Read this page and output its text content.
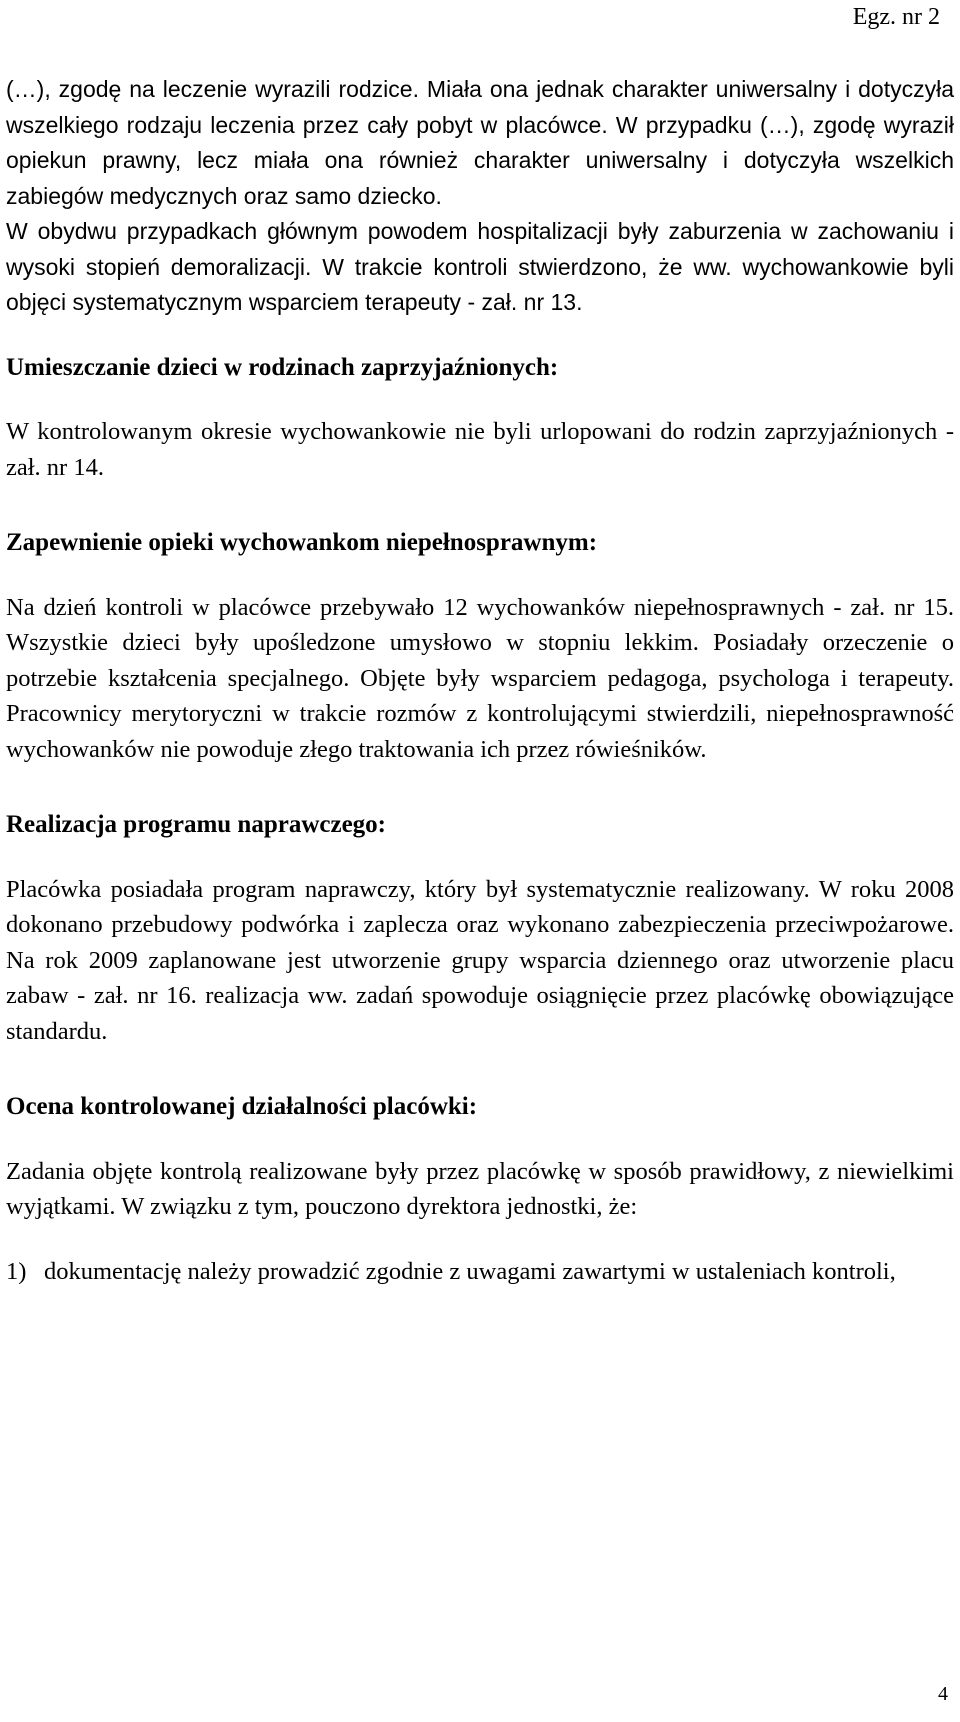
Egz. nr 2

(…), zgodę na leczenie wyrazili rodzice. Miała ona jednak charakter uniwersalny i dotyczyła wszelkiego rodzaju leczenia przez cały pobyt w placówce. W przypadku (…), zgodę wyraził opiekun prawny, lecz miała ona również charakter uniwersalny i dotyczyła wszelkich zabiegów medycznych oraz samo dziecko.

W obydwu przypadkach głównym powodem hospitalizacji były zaburzenia w zachowaniu i wysoki stopień demoralizacji. W trakcie kontroli stwierdzono, że ww. wychowankowie byli objęci systematycznym wsparciem terapeuty - zał. nr 13.

Umieszczanie dzieci w rodzinach zaprzyjaźnionych:

W kontrolowanym okresie wychowankowie nie byli urlopowani do rodzin zaprzyjaźnionych - zał. nr 14.

Zapewnienie opieki wychowankom niepełnosprawnym:

Na dzień kontroli w placówce przebywało 12 wychowanków niepełnosprawnych - zał. nr 15. Wszystkie dzieci były upośledzone umysłowo w stopniu lekkim. Posiadały orzeczenie o potrzebie kształcenia specjalnego. Objęte były wsparciem pedagoga, psychologa i terapeuty. Pracownicy merytoryczni w trakcie rozmów z kontrolującymi stwierdzili, niepełnosprawność wychowanków nie powoduje złego traktowania ich przez rówieśników.

Realizacja programu naprawczego:

Placówka posiadała program naprawczy, który był systematycznie realizowany. W roku 2008 dokonano przebudowy podwórka i zaplecza oraz wykonano zabezpieczenia przeciwpożarowe. Na rok 2009 zaplanowane jest utworzenie grupy wsparcia dziennego oraz utworzenie placu zabaw - zał. nr 16. realizacja ww. zadań spowoduje osiągnięcie przez placówkę obowiązujące standardu.

Ocena kontrolowanej działalności placówki:

Zadania objęte kontrolą realizowane były przez placówkę w sposób prawidłowy, z niewielkimi wyjątkami. W związku z tym, pouczono dyrektora jednostki, że:

1) dokumentację należy prowadzić zgodnie z uwagami zawartymi w ustaleniach kontroli,
4
